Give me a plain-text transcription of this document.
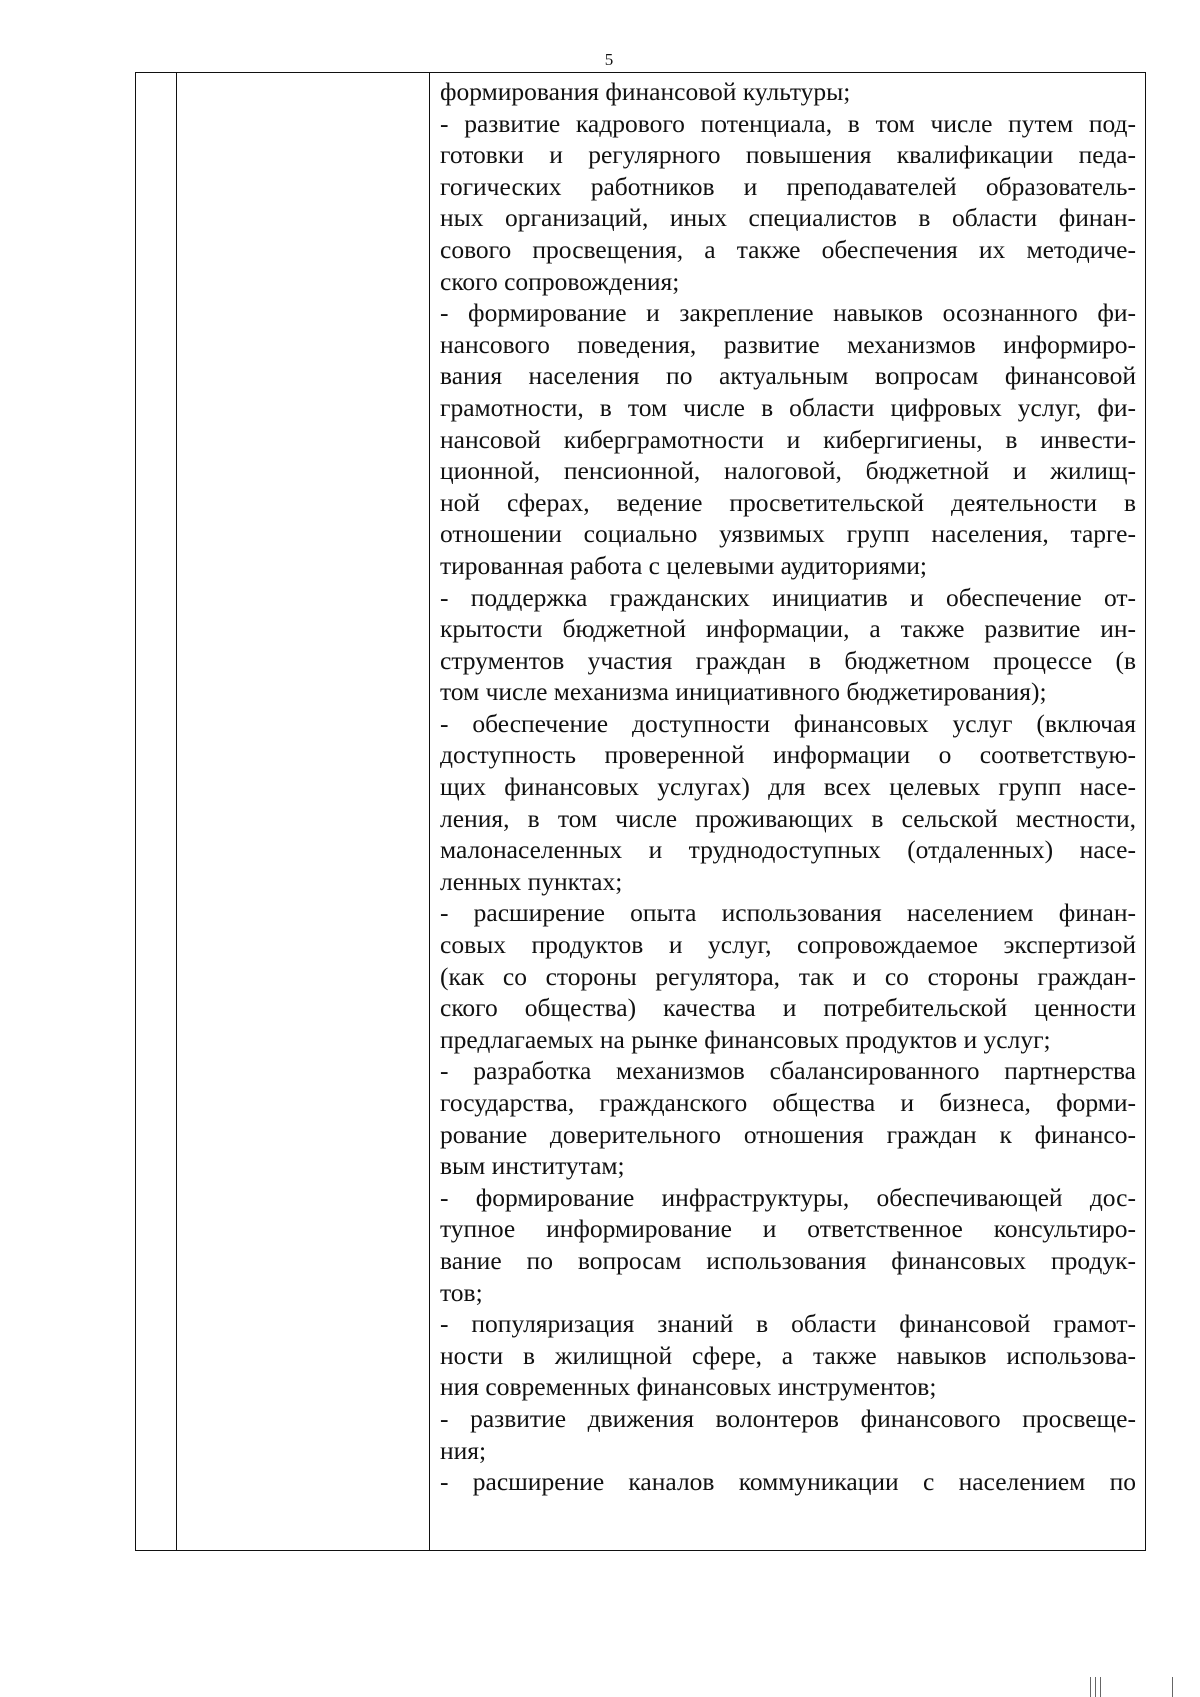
5
формирования финансовой культуры;
- развитие кадрового потенциала, в том числе путем под-
готовки и регулярного повышения квалификации педа-
гогических работников и преподавателей образователь-
ных организаций, иных специалистов в области финан-
сового просвещения, а также обеспечения их методиче-
ского сопровождения;
- формирование и закрепление навыков осознанного фи-
нансового поведения, развитие механизмов информиро-
вания населения по актуальным вопросам финансовой
грамотности, в том числе в области цифровых услуг, фи-
нансовой киберграмотности и кибергигиены, в инвести-
ционной, пенсионной, налоговой, бюджетной и жилищ-
ной сферах, ведение просветительской деятельности в
отношении социально уязвимых групп населения, тарге-
тированная работа с целевыми аудиториями;
- поддержка гражданских инициатив и обеспечение от-
крытости бюджетной информации, а также развитие ин-
струментов участия граждан в бюджетном процессе (в
том числе механизма инициативного бюджетирования);
- обеспечение доступности финансовых услуг (включая
доступность проверенной информации о соответствую-
щих финансовых услугах) для всех целевых групп насе-
ления, в том числе проживающих в сельской местности,
малонаселенных и труднодоступных (отдаленных) насе-
ленных пунктах;
- расширение опыта использования населением финан-
совых продуктов и услуг, сопровождаемое экспертизой
(как со стороны регулятора, так и со стороны граждан-
ского общества) качества и потребительской ценности
предлагаемых на рынке финансовых продуктов и услуг;
- разработка механизмов сбалансированного партнерства
государства, гражданского общества и бизнеса, форми-
рование доверительного отношения граждан к финансо-
вым институтам;
- формирование инфраструктуры, обеспечивающей дос-
тупное информирование и ответственное консультиро-
вание по вопросам использования финансовых продук-
тов;
- популяризация знаний в области финансовой грамот-
ности в жилищной сфере, а также навыков использова-
ния современных финансовых инструментов;
- развитие движения волонтеров финансового просвеще-
ния;
- расширение каналов коммуникации с населением по
